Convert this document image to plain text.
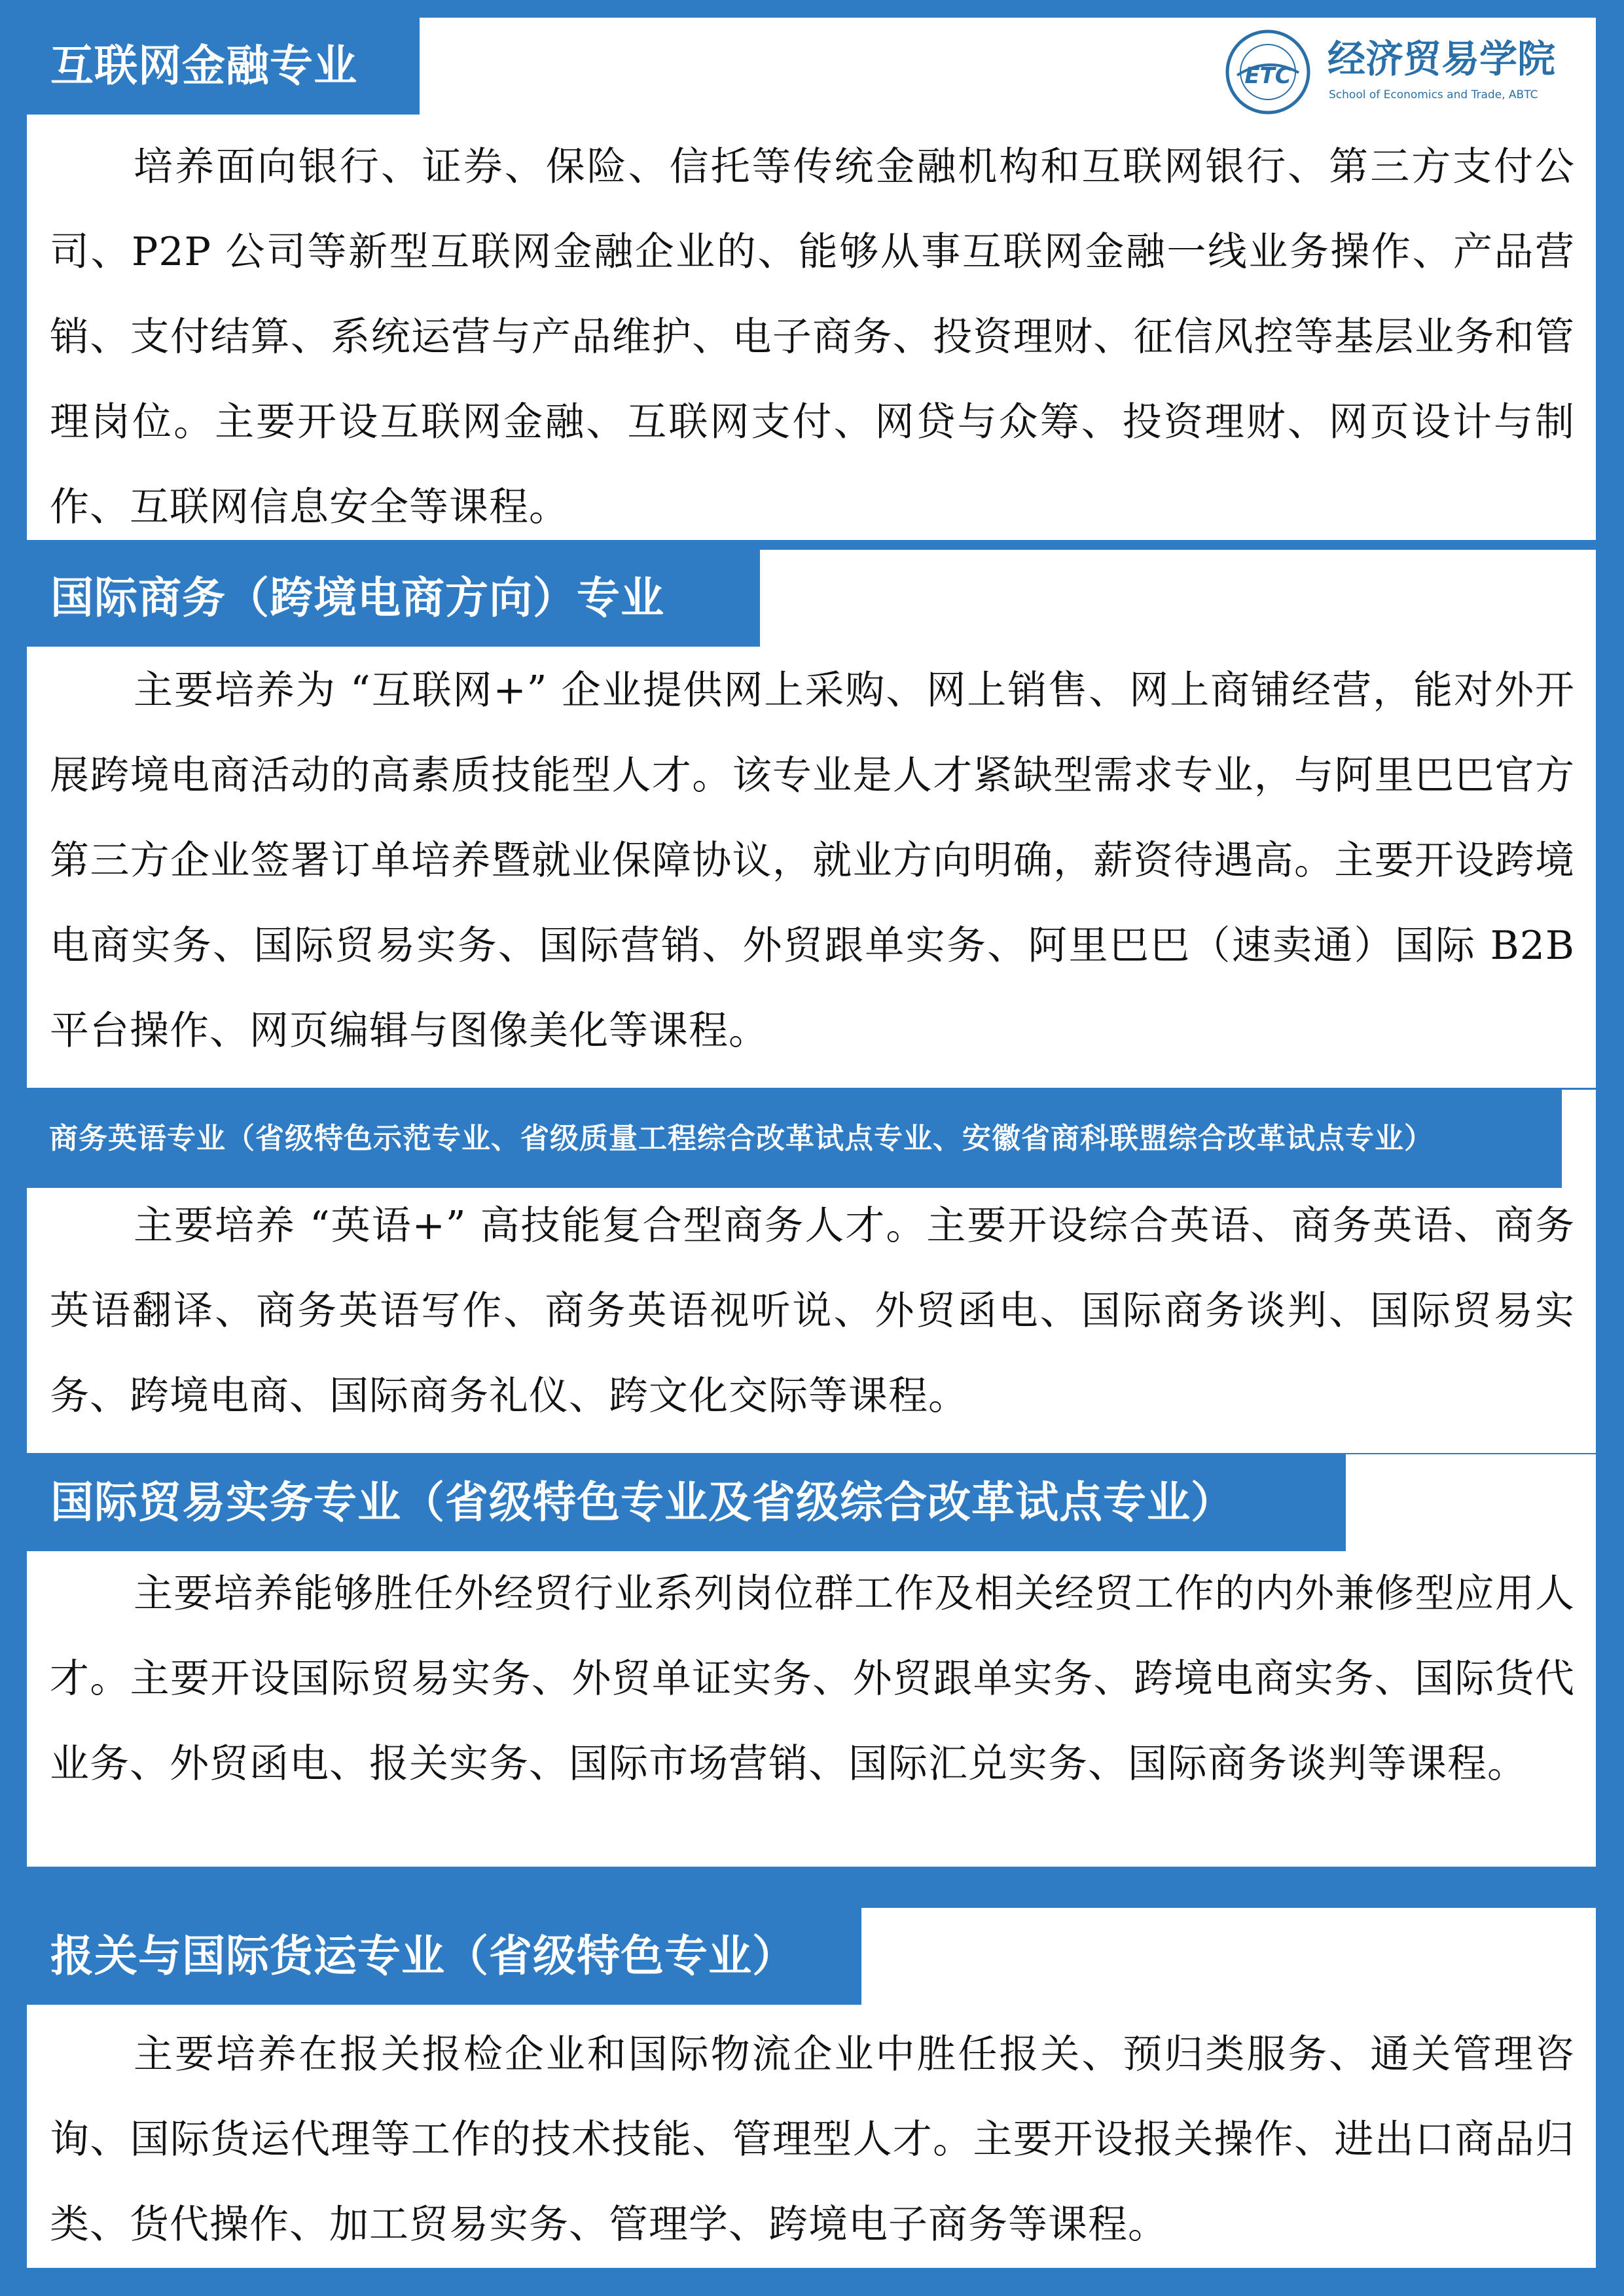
互联网金融专业
培养面向银行、证券、保险、信托等传统金融机构和互联网银行、第三方支付公司、P2P 公司等新型互联网金融企业的、能够从事互联网金融一线业务操作、产品营销、支付结算、系统运营与产品维护、电子商务、投资理财、征信风控等基层业务和管理岗位。主要开设互联网金融、互联网支付、网贷与众筹、投资理财、网页设计与制作、互联网信息安全等课程。
国际商务（跨境电商方向）专业
主要培养为 “互联网+” 企业提供网上采购、网上销售、网上商铺经营，能对外开展跨境电商活动的高素质技能型人才。该专业是人才紧缺型需求专业，与阿里巴巴官方第三方企业签署订单培养暨就业保障协议，就业方向明确，薪资待遇高。主要开设跨境电商实务、国际贸易实务、国际营销、外贸跟单实务、阿里巴巴（速卖通）国际 B2B 平台操作、网页编辑与图像美化等课程。
商务英语专业（省级特色示范专业、省级质量工程综合改革试点专业、安徽省商科联盟综合改革试点专业）
主要培养 “英语+” 高技能复合型商务人才。主要开设综合英语、商务英语、商务英语翻译、商务英语写作、商务英语视听说、外贸函电、国际商务谈判、国际贸易实务、跨境电商、国际商务礼仪、跨文化交际等课程。
国际贸易实务专业（省级特色专业及省级综合改革试点专业）
主要培养能够胜任外经贸行业系列岗位群工作及相关经贸工作的内外兼修型应用人才。主要开设国际贸易实务、外贸单证实务、外贸跟单实务、跨境电商实务、国际货代业务、外贸函电、报关实务、国际市场营销、国际汇兑实务、国际商务谈判等课程。
报关与国际货运专业（省级特色专业）
主要培养在报关报检企业和国际物流企业中胜任报关、预归类服务、通关管理咨询、国际货运代理等工作的技术技能、管理型人才。主要开设报关操作、进出口商品归类、货代操作、加工贸易实务、管理学、跨境电子商务等课程。
ETC 经济贸易学院
School of Economics and Trade, ABTC
